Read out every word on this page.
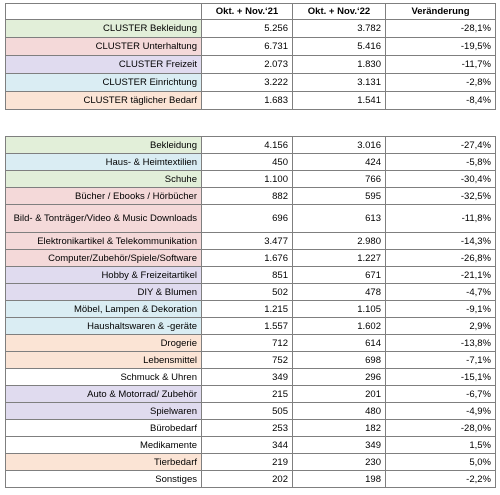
	Okt. + Nov.‘21	Okt. + Nov.‘22	Veränderung
CLUSTER Bekleidung	5.256	3.782	-28,1%
CLUSTER Unterhaltung	6.731	5.416	-19,5%
CLUSTER Freizeit	2.073	1.830	-11,7%
CLUSTER Einrichtung	3.222	3.131	-2,8%
CLUSTER täglicher Bedarf	1.683	1.541	-8,4%
Bekleidung	4.156	3.016	-27,4%
Haus- & Heimtextilien	450	424	-5,8%
Schuhe	1.100	766	-30,4%
Bücher / Ebooks / Hörbücher	882	595	-32,5%
Bild- & Tonträger/Video & Music Downloads	696	613	-11,8%
Elektronikartikel & Telekommunikation	3.477	2.980	-14,3%
Computer/Zubehör/Spiele/Software	1.676	1.227	-26,8%
Hobby & Freizeitartikel	851	671	-21,1%
DIY & Blumen	502	478	-4,7%
Möbel, Lampen & Dekoration	1.215	1.105	-9,1%
Haushaltswaren & -geräte	1.557	1.602	2,9%
Drogerie	712	614	-13,8%
Lebensmittel	752	698	-7,1%
Schmuck & Uhren	349	296	-15,1%
Auto & Motorrad/ Zubehör	215	201	-6,7%
Spielwaren	505	480	-4,9%
Bürobedarf	253	182	-28,0%
Medikamente	344	349	1,5%
Tierbedarf	219	230	5,0%
Sonstiges	202	198	-2,2%
